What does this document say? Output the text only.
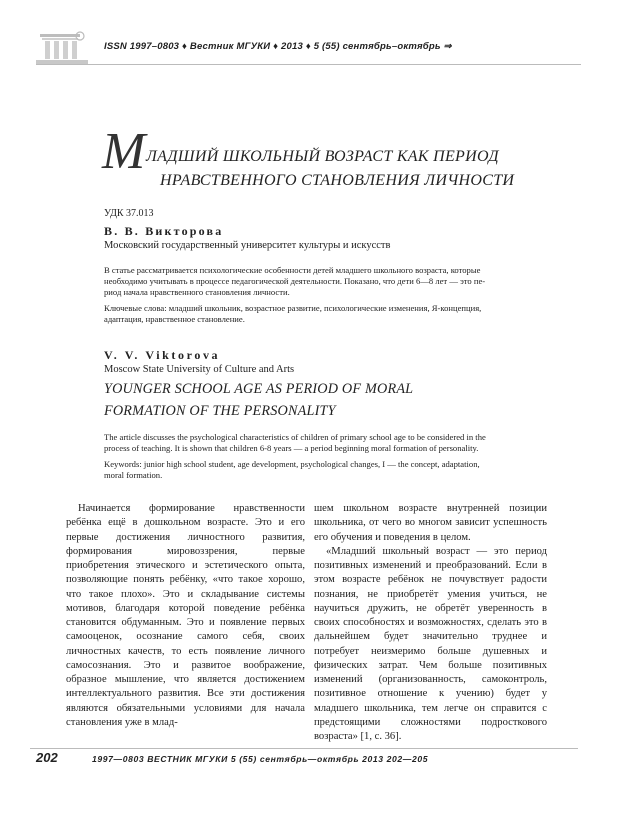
ISSN 1997–0803 ♦ Вестник МГУКИ ♦ 2013 ♦ 5 (55) сентябрь–октябрь ⇒
М ЛАДШИЙ ШКОЛЬНЫЙ ВОЗРАСТ КАК ПЕРИОД
НРАВСТВЕННОГО СТАНОВЛЕНИЯ ЛИЧНОСТИ
УДК 37.013
В. В. Викторова
Московский государственный университет культуры и искусств
В статье рассматривается психологические особенности детей младшего школьного возраста, которые
необходимо учитывать в процессе педагогической деятельности. Показано, что дети 6—8 лет — это пе-
риод начала нравственного становления личности.
Ключевые слова: младший школьник, возрастное развитие, психологические изменения, Я-концепция,
адаптация, нравственное становление.
V. V. Viktorova
Moscow State University of Culture and Arts
YOUNGER SCHOOL AGE AS PERIOD OF MORAL
FORMATION OF THE PERSONALITY
The article discusses the psychological characteristics of children of primary school age to be considered in the
process of teaching. It is shown that children 6-8 years — a period beginning moral formation of personality.
Keywords: junior high school student, age development, psychological changes, I — the concept, adaptation,
moral formation.

Начинается формирование нравственности ребёнка ещё в дошкольном возрасте. Это и его первые достижения личностного развития, формирования мировоззрения, первые приобретения этического и эстетического опыта, позволяющие понять ребёнку, «что такое хорошо, что такое плохо». Это и складывание системы мотивов, благодаря которой поведение ребёнка становится обдуманным. Это и появление первых самооценок, осознание самого себя, своих личностных качеств, то есть появление личного самосознания. Это и развитое воображение, образное мышление, что является достижением интеллектуального развития. Все эти достижения являются обязательными условиями для начала становления уже в млад-

шем школьном возрасте внутренней позиции школьника, от чего во многом зависит успешность его обучения и поведения в целом.

«Младший школьный возраст — это период позитивных изменений и преобразований. Если в этом возрасте ребёнок не почувствует радости познания, не приобретёт умения учиться, не научиться дружить, не обретёт уверенность в своих способностях и возможностях, сделать это в дальнейшем будет значительно труднее и потребует неизмеримо больше душевных и физических затрат. Чем больше позитивных изменений (организованность, самоконтроль, позитивное отношение к учению) будет у младшего школьника, тем легче он справится с предстоящими сложностями подросткового возраста» [1, с. 36].

202	1997—0803 ВЕСТНИК МГУКИ 5 (55) сентябрь—октябрь 2013 202—205
